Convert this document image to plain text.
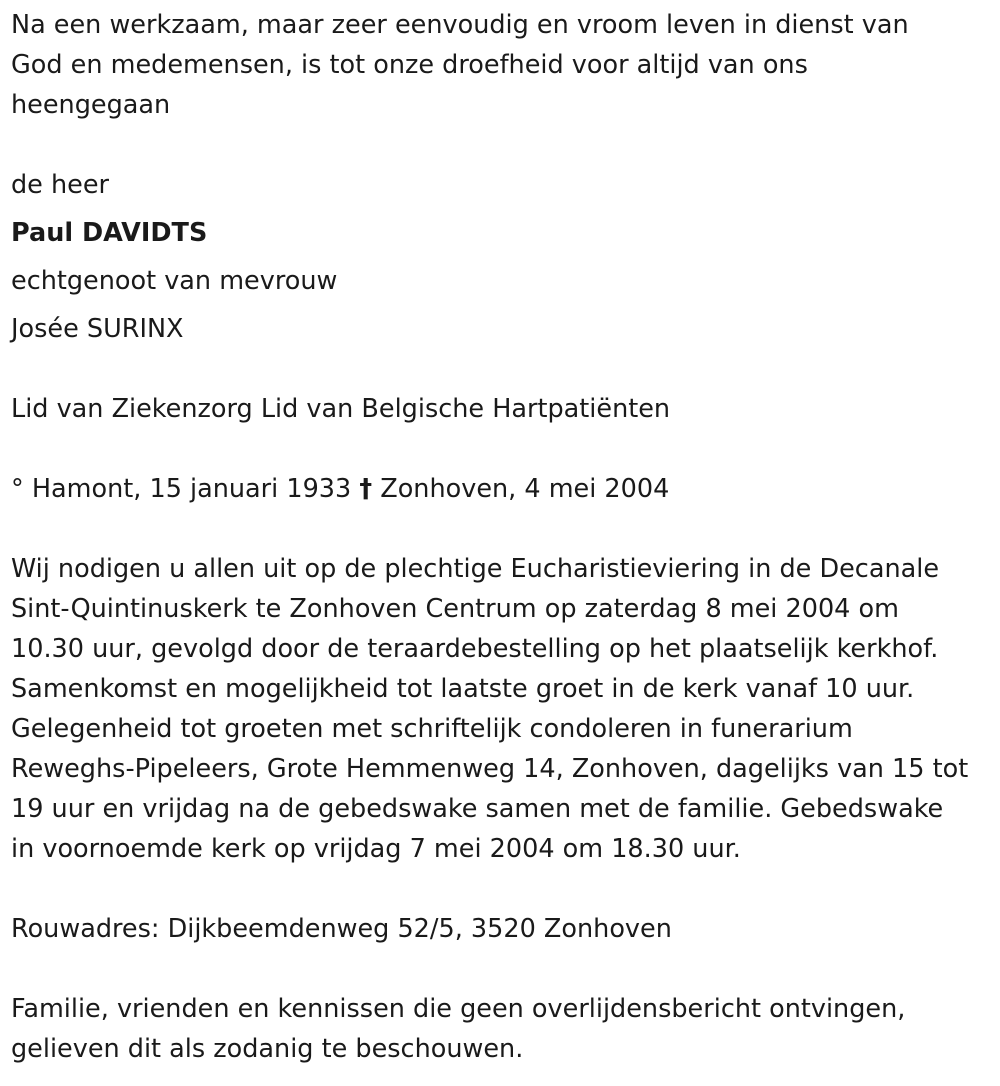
Na een werkzaam, maar zeer eenvoudig en vroom leven in dienst van
God en medemensen, is tot onze droefheid voor altijd van ons
heengegaan
de heer
Paul DAVIDTS
echtgenoot van mevrouw
Josée SURINX
Lid van Ziekenzorg Lid van Belgische Hartpatiënten
° Hamont, 15 januari 1933 † Zonhoven, 4 mei 2004
Wij nodigen u allen uit op de plechtige Eucharistieviering in de Decanale
Sint-Quintinuskerk te Zonhoven Centrum op zaterdag 8 mei 2004 om
10.30 uur, gevolgd door de teraardebestelling op het plaatselijk kerkhof.
Samenkomst en mogelijkheid tot laatste groet in de kerk vanaf 10 uur.
Gelegenheid tot groeten met schriftelijk condoleren in funerarium
Reweghs-Pipeleers, Grote Hemmenweg 14, Zonhoven, dagelijks van 15 tot
19 uur en vrijdag na de gebedswake samen met de familie. Gebedswake
in voornoemde kerk op vrijdag 7 mei 2004 om 18.30 uur.
Rouwadres: Dijkbeemdenweg 52/5, 3520 Zonhoven
Familie, vrienden en kennissen die geen overlijdensbericht ontvingen,
gelieven dit als zodanig te beschouwen.
